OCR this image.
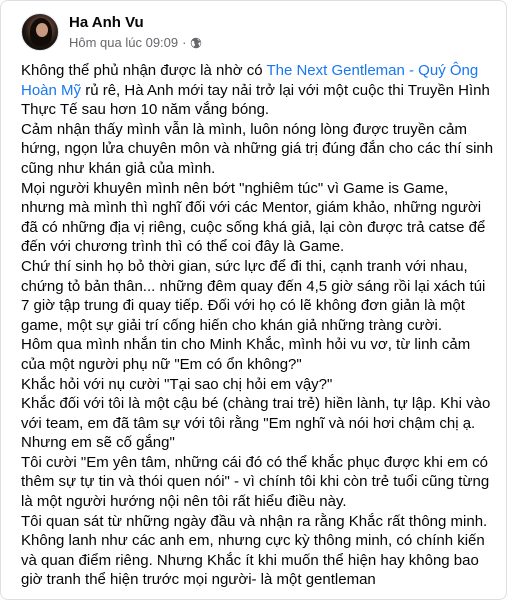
Ha Anh Vu
Hôm qua lúc 09:09 ·

Không thể phủ nhận được là nhờ có The Next Gentleman - Quý Ông Hoàn Mỹ rủ rê, Hà Anh mới tay nải trở lại với một cuộc thi Truyền Hình Thực Tế sau hơn 10 năm vắng bóng.

Cảm nhận thấy mình vẫn là mình, luôn nóng lòng được truyền cảm hứng, ngọn lửa chuyên môn và những giá trị đúng đắn cho các thí sinh cũng như khán giả của mình.

Mọi người khuyên mình nên bớt "nghiêm túc" vì Game is Game, nhưng mà mình thì nghĩ đối với các Mentor, giám khảo, những người đã có những địa vị riêng, cuộc sống khá giả, lại còn được trả catse để đến với chương trình thì có thể coi đây là Game.

Chứ thí sinh họ bỏ thời gian, sức lực để đi thi, cạnh tranh với nhau, chứng tỏ bản thân... những đêm quay đến 4,5 giờ sáng rồi lại xách túi 7 giờ tập trung đi quay tiếp. Đối với họ có lẽ không đơn giản là một game, một sự giải trí cống hiến cho khán giả những tràng cười.

Hôm qua mình nhắn tin cho Minh Khắc, mình hỏi vu vơ, từ linh cảm của một người phụ nữ "Em có ổn không?"

Khắc hỏi với nụ cười "Tại sao chị hỏi em vậy?"

Khắc đối với tôi là một cậu bé (chàng trai trẻ) hiền lành, tự lập. Khi vào với team, em đã tâm sự với tôi rằng "Em nghĩ và nói hơi chậm chị ạ. Nhưng em sẽ cố gắng"

Tôi cười "Em yên tâm, những cái đó có thể khắc phục được khi em có thêm sự tự tin và thói quen nói" - vì chính tôi khi còn trẻ tuổi cũng từng là một người hướng nội nên tôi rất hiểu điều này.

Tôi quan sát từ những ngày đầu và nhận ra rằng Khắc rất thông minh. Không lanh như các anh em, nhưng cực kỳ thông minh, có chính kiến và quan điểm riêng. Nhưng Khắc ít khi muốn thể hiện hay không bao giờ tranh thể hiện trước mọi người- là một gentleman
